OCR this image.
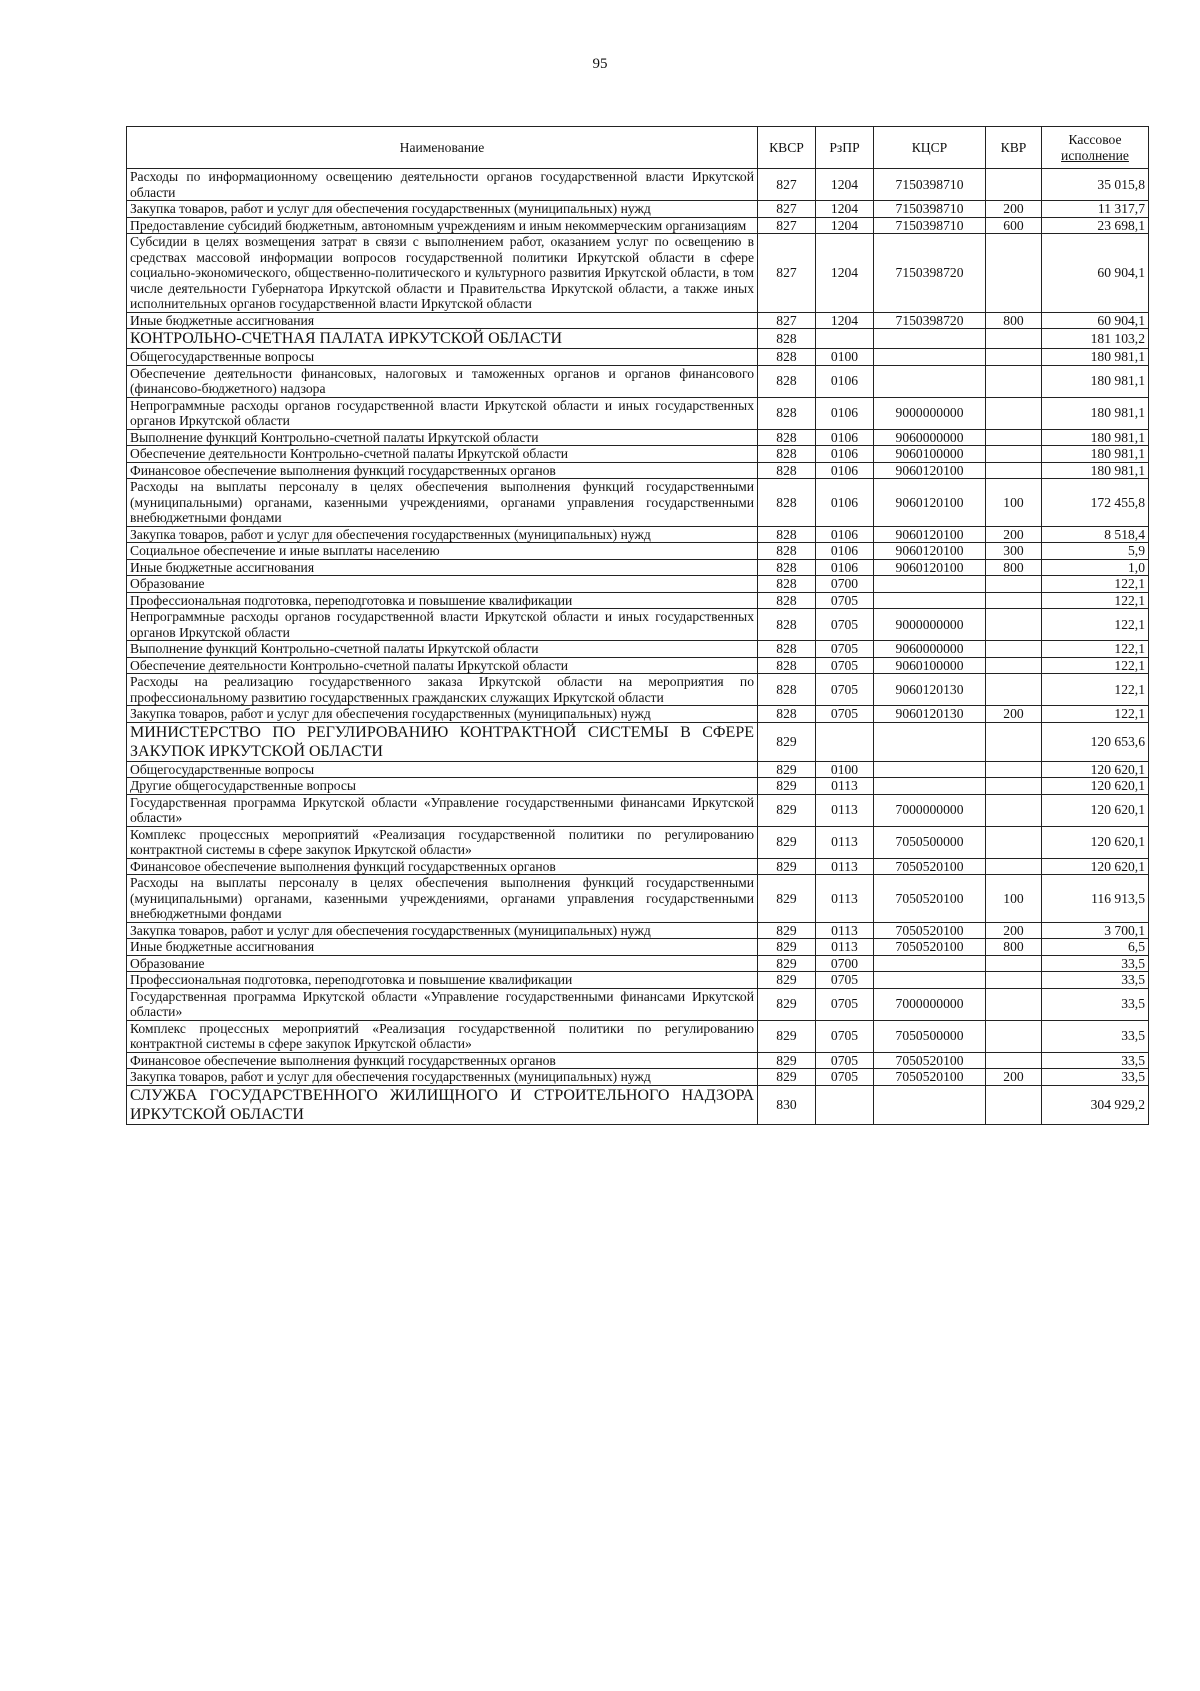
95
Наименование	КВСР	РзПР	КЦСР	КВР	Кассовое
исполнение

Расходы по информационному освещению деятельности органов государственной власти Иркутской области	827	1204	7150398710		35 015,8
Закупка товаров, работ и услуг для обеспечения государственных (муниципальных) нужд	827	1204	7150398710	200	11 317,7
Предоставление субсидий бюджетным, автономным учреждениям и иным некоммерческим организациям	827	1204	7150398710	600	23 698,1
Субсидии в целях возмещения затрат в связи с выполнением работ, оказанием услуг по освещению в средствах массовой информации вопросов государственной политики Иркутской области в сфере социально-экономического, общественно-политического и культурного развития Иркутской области, в том числе деятельности Губернатора Иркутской области и Правительства Иркутской области, а также иных исполнительных органов государственной власти Иркутской области	827	1204	7150398720		60 904,1
Иные бюджетные ассигнования	827	1204	7150398720	800	60 904,1
КОНТРОЛЬНО-СЧЕТНАЯ ПАЛАТА ИРКУТСКОЙ ОБЛАСТИ	828				181 103,2
Общегосударственные вопросы	828	0100			180 981,1
Обеспечение деятельности финансовых, налоговых и таможенных органов и органов финансового (финансово-бюджетного) надзора	828	0106			180 981,1
Непрограммные расходы органов государственной власти Иркутской области и иных государственных органов Иркутской области	828	0106	9000000000		180 981,1
Выполнение функций Контрольно-счетной палаты Иркутской области	828	0106	9060000000		180 981,1
Обеспечение деятельности Контрольно-счетной палаты Иркутской области	828	0106	9060100000		180 981,1
Финансовое обеспечение выполнения функций государственных органов	828	0106	9060120100		180 981,1
Расходы на выплаты персоналу в целях обеспечения выполнения функций государственными (муниципальными) органами, казенными учреждениями, органами управления государственными внебюджетными фондами	828	0106	9060120100	100	172 455,8
Закупка товаров, работ и услуг для обеспечения государственных (муниципальных) нужд	828	0106	9060120100	200	8 518,4
Социальное обеспечение и иные выплаты населению	828	0106	9060120100	300	5,9
Иные бюджетные ассигнования	828	0106	9060120100	800	1,0
Образование	828	0700			122,1
Профессиональная подготовка, переподготовка и повышение квалификации	828	0705			122,1
Непрограммные расходы органов государственной власти Иркутской области и иных государственных органов Иркутской области	828	0705	9000000000		122,1
Выполнение функций Контрольно-счетной палаты Иркутской области	828	0705	9060000000		122,1
Обеспечение деятельности Контрольно-счетной палаты Иркутской области	828	0705	9060100000		122,1
Расходы на реализацию государственного заказа Иркутской области на мероприятия по профессиональному развитию государственных гражданских служащих Иркутской области	828	0705	9060120130		122,1
Закупка товаров, работ и услуг для обеспечения государственных (муниципальных) нужд	828	0705	9060120130	200	122,1
МИНИСТЕРСТВО ПО РЕГУЛИРОВАНИЮ КОНТРАКТНОЙ СИСТЕМЫ В СФЕРЕ ЗАКУПОК ИРКУТСКОЙ ОБЛАСТИ	829				120 653,6
Общегосударственные вопросы	829	0100			120 620,1
Другие общегосударственные вопросы	829	0113			120 620,1
Государственная программа Иркутской области «Управление государственными финансами Иркутской области»	829	0113	7000000000		120 620,1
Комплекс процессных мероприятий «Реализация государственной политики по регулированию контрактной системы в сфере закупок Иркутской области»	829	0113	7050500000		120 620,1
Финансовое обеспечение выполнения функций государственных органов	829	0113	7050520100		120 620,1
Расходы на выплаты персоналу в целях обеспечения выполнения функций государственными (муниципальными) органами, казенными учреждениями, органами управления государственными внебюджетными фондами	829	0113	7050520100	100	116 913,5
Закупка товаров, работ и услуг для обеспечения государственных (муниципальных) нужд	829	0113	7050520100	200	3 700,1
Иные бюджетные ассигнования	829	0113	7050520100	800	6,5
Образование	829	0700			33,5
Профессиональная подготовка, переподготовка и повышение квалификации	829	0705			33,5
Государственная программа Иркутской области «Управление государственными финансами Иркутской области»	829	0705	7000000000		33,5
Комплекс процессных мероприятий «Реализация государственной политики по регулированию контрактной системы в сфере закупок Иркутской области»	829	0705	7050500000		33,5
Финансовое обеспечение выполнения функций государственных органов	829	0705	7050520100		33,5
Закупка товаров, работ и услуг для обеспечения государственных (муниципальных) нужд	829	0705	7050520100	200	33,5
СЛУЖБА ГОСУДАРСТВЕННОГО ЖИЛИЩНОГО И СТРОИТЕЛЬНОГО НАДЗОРА ИРКУТСКОЙ ОБЛАСТИ	830				304 929,2
